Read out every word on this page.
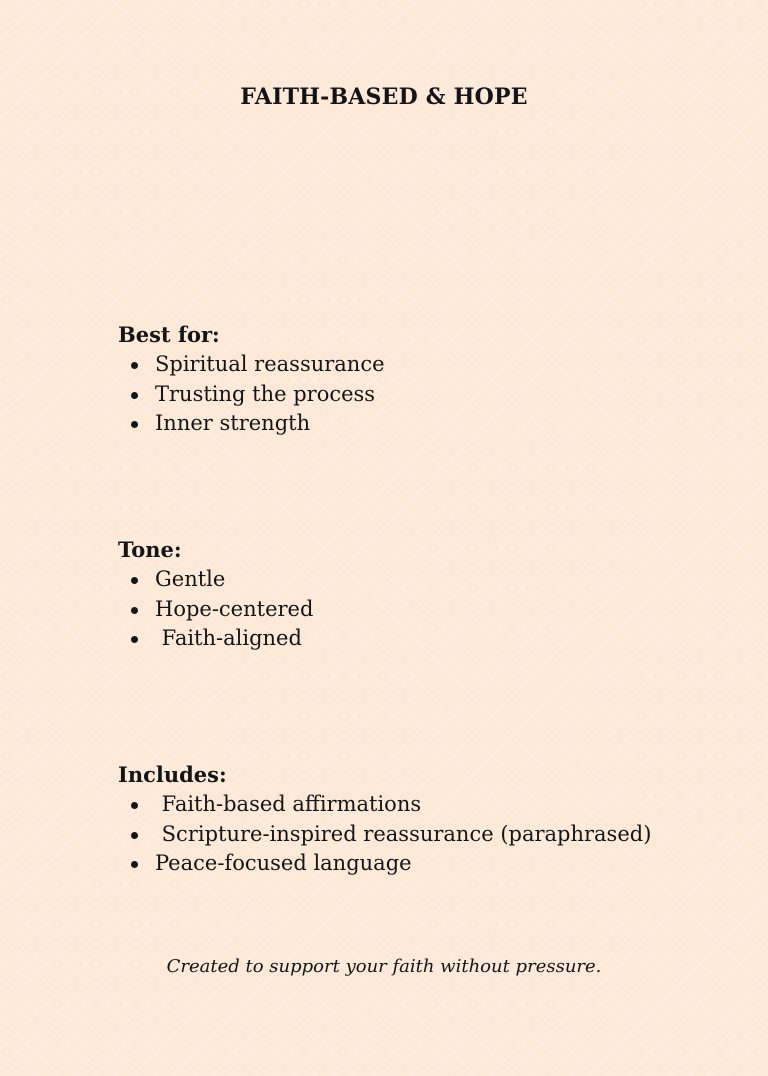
FAITH-BASED & HOPE
Best for:
Spiritual reassurance
Trusting the process
Inner strength
Tone:
Gentle
Hope-centered
Faith-aligned
Includes:
Faith-based affirmations
Scripture-inspired reassurance (paraphrased)
Peace-focused language

Created to support your faith without pressure.
